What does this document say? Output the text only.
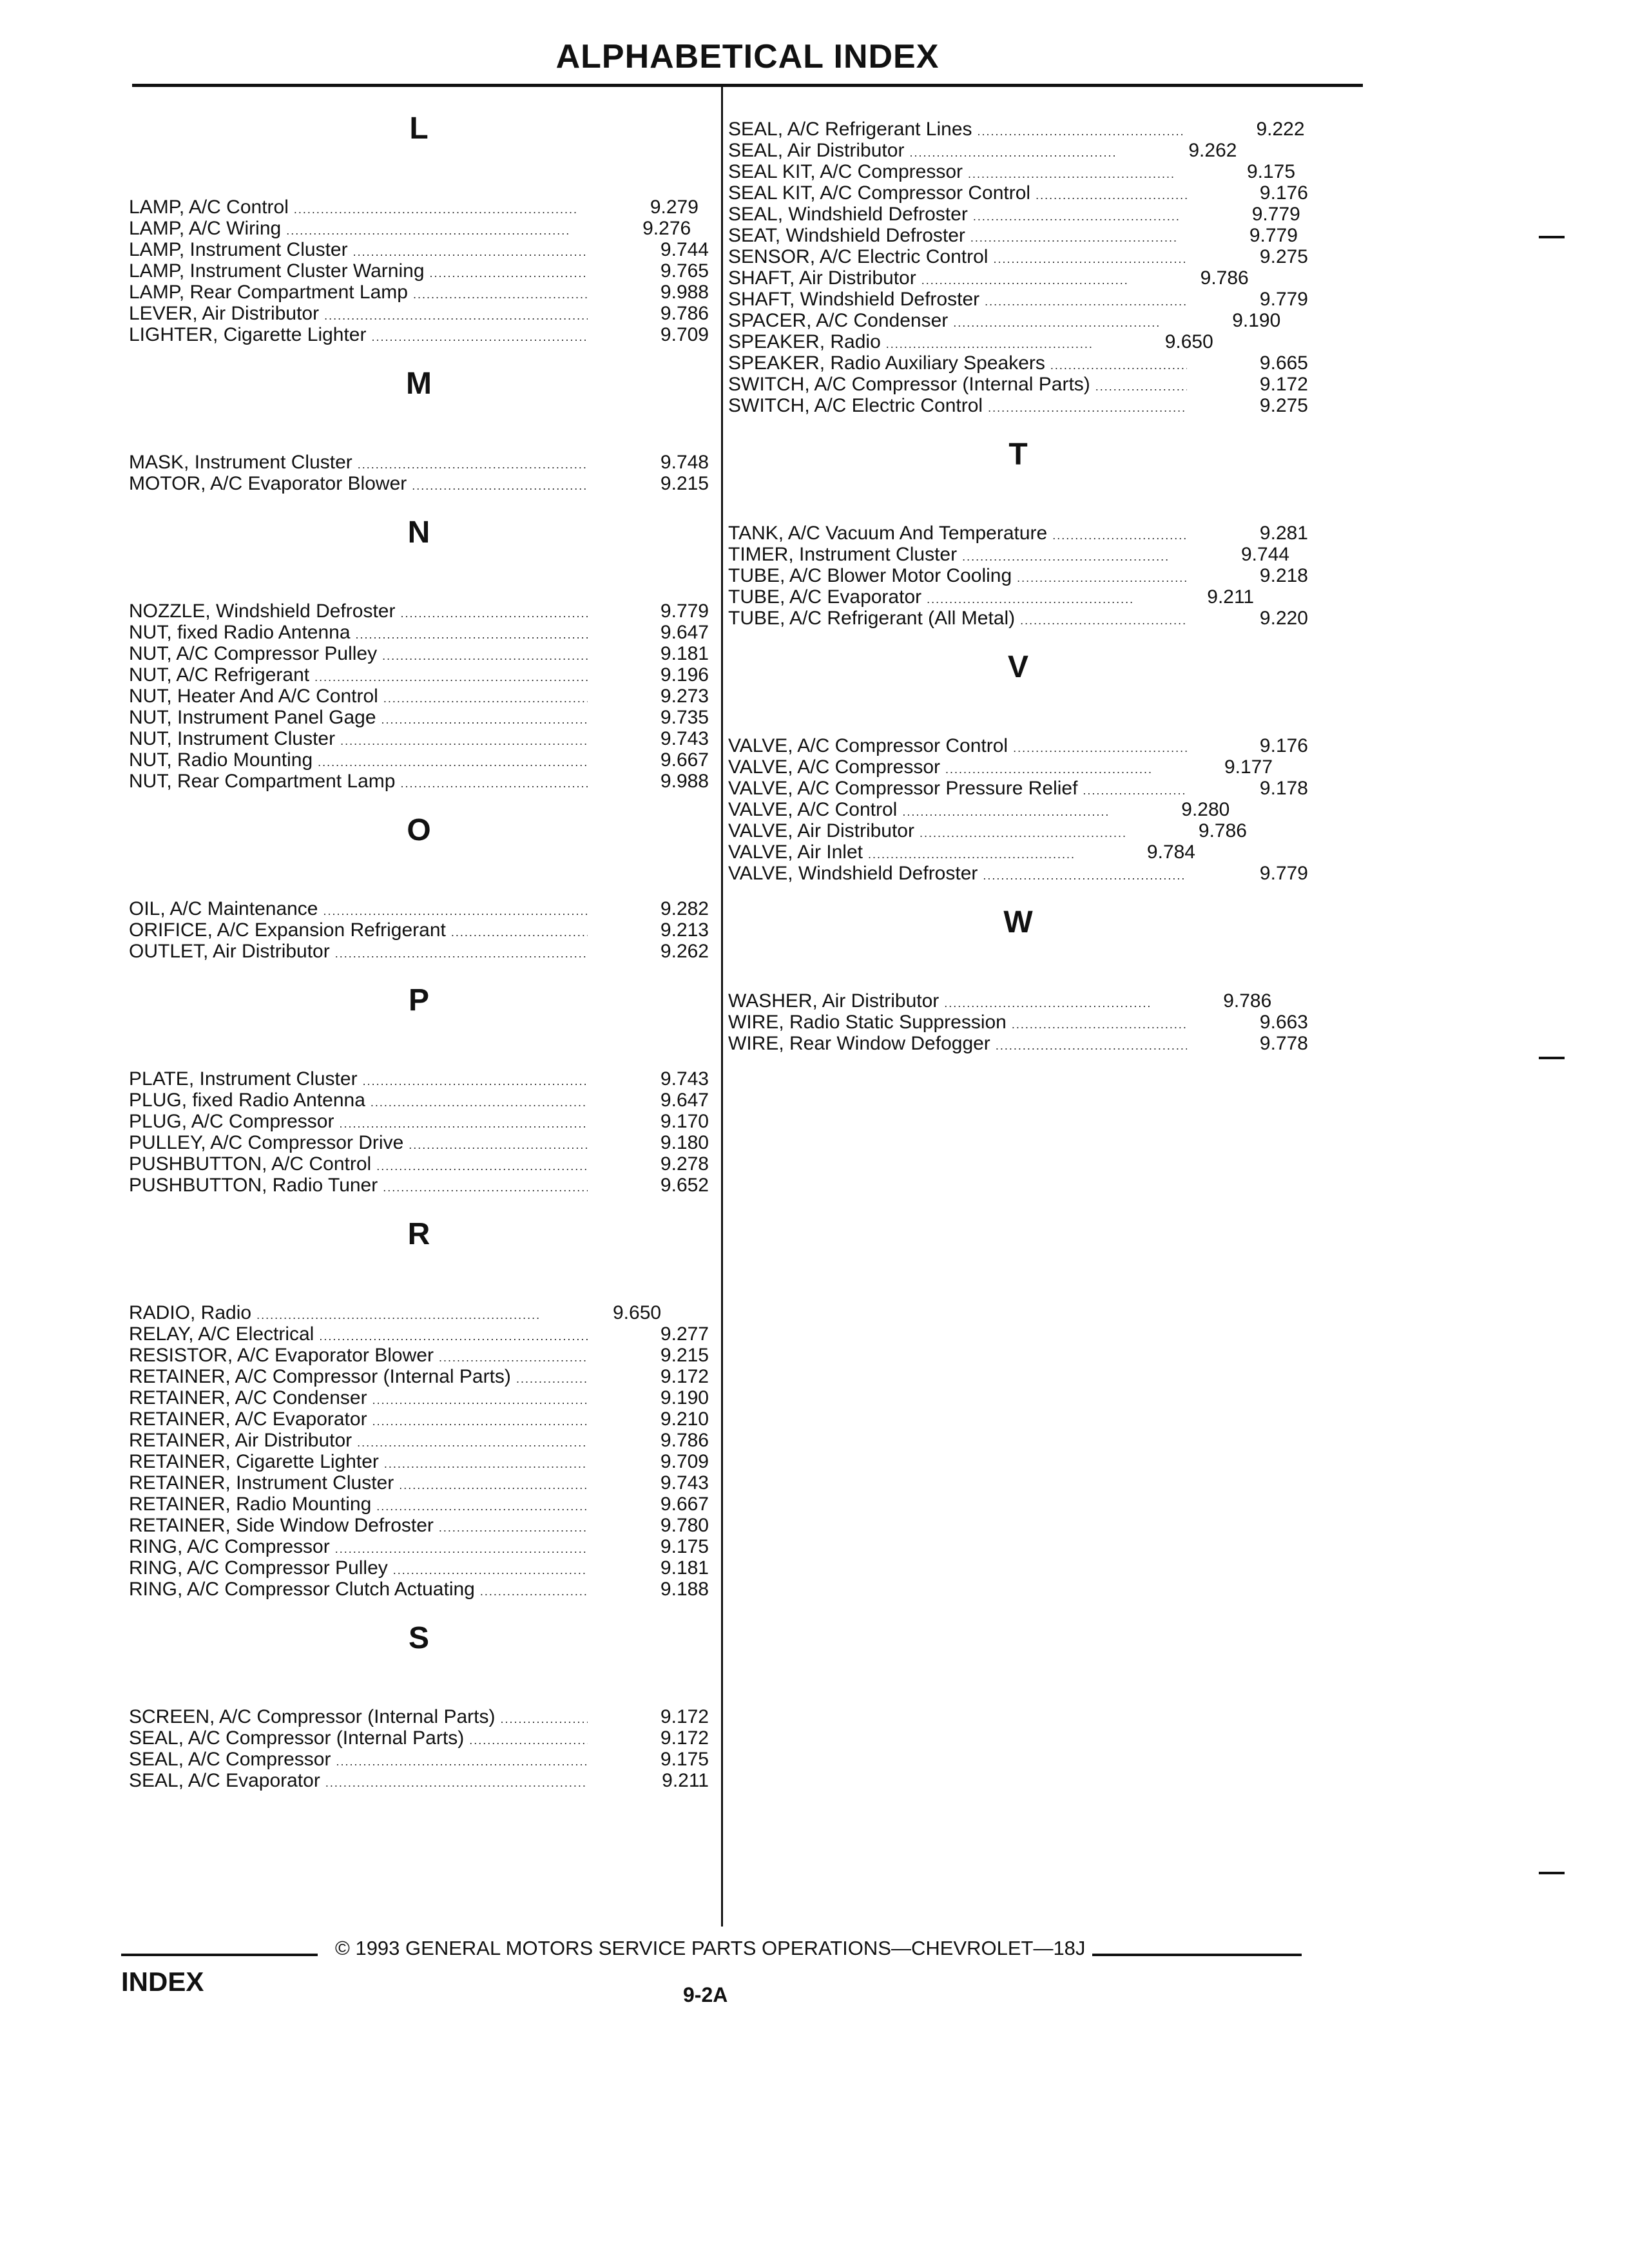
ALPHABETICAL INDEX
L
LAMP, A/C Control .....	9.279
LAMP, A/C Wiring .....	9.276
LAMP, Instrument Cluster .....	9.744
LAMP, Instrument Cluster Warning .....	9.765
LAMP, Rear Compartment Lamp .....	9.988
LEVER, Air Distributor .....	9.786
LIGHTER, Cigarette Lighter .....	9.709
M
MASK, Instrument Cluster .....	9.748
MOTOR, A/C Evaporator Blower .....	9.215
N
NOZZLE, Windshield Defroster .....	9.779
NUT, fixed Radio Antenna .....	9.647
NUT, A/C Compressor Pulley .....	9.181
NUT, A/C Refrigerant .....	9.196
NUT, Heater And A/C Control .....	9.273
NUT, Instrument Panel Gage .....	9.735
NUT, Instrument Cluster .....	9.743
NUT, Radio Mounting .....	9.667
NUT, Rear Compartment Lamp .....	9.988
O
OIL, A/C Maintenance .....	9.282
ORIFICE, A/C Expansion Refrigerant .....	9.213
OUTLET, Air Distributor .....	9.262
P
PLATE, Instrument Cluster .....	9.743
PLUG, fixed Radio Antenna .....	9.647
PLUG, A/C Compressor .....	9.170
PULLEY, A/C Compressor Drive .....	9.180
PUSHBUTTON, A/C Control .....	9.278
PUSHBUTTON, Radio Tuner .....	9.652
R
RADIO, Radio .....	9.650
RELAY, A/C Electrical .....	9.277
RESISTOR, A/C Evaporator Blower .....	9.215
RETAINER, A/C Compressor (Internal Parts) .....	9.172
RETAINER, A/C Condenser .....	9.190
RETAINER, A/C Evaporator .....	9.210
RETAINER, Air Distributor .....	9.786
RETAINER, Cigarette Lighter .....	9.709
RETAINER, Instrument Cluster .....	9.743
RETAINER, Radio Mounting .....	9.667
RETAINER, Side Window Defroster .....	9.780
RING, A/C Compressor .....	9.175
RING, A/C Compressor Pulley .....	9.181
RING, A/C Compressor Clutch Actuating .....	9.188
S
SCREEN, A/C Compressor (Internal Parts) .....	9.172
SEAL, A/C Compressor (Internal Parts) .....	9.172
SEAL, A/C Compressor .....	9.175
SEAL, A/C Evaporator .....	9.211
SEAL, A/C Refrigerant Lines .....	9.222
SEAL, Air Distributor .....	9.262
SEAL KIT, A/C Compressor .....	9.175
SEAL KIT, A/C Compressor Control .....	9.176
SEAL, Windshield Defroster .....	9.779
SEAT, Windshield Defroster .....	9.779
SENSOR, A/C Electric Control .....	9.275
SHAFT, Air Distributor .....	9.786
SHAFT, Windshield Defroster .....	9.779
SPACER, A/C Condenser .....	9.190
SPEAKER, Radio .....	9.650
SPEAKER, Radio Auxiliary Speakers .....	9.665
SWITCH, A/C Compressor (Internal Parts) .....	9.172
SWITCH, A/C Electric Control .....	9.275
T
TANK, A/C Vacuum And Temperature .....	9.281
TIMER, Instrument Cluster .....	9.744
TUBE, A/C Blower Motor Cooling .....	9.218
TUBE, A/C Evaporator .....	9.211
TUBE, A/C Refrigerant (All Metal) .....	9.220
V
VALVE, A/C Compressor Control .....	9.176
VALVE, A/C Compressor .....	9.177
VALVE, A/C Compressor Pressure Relief .....	9.178
VALVE, A/C Control .....	9.280
VALVE, Air Distributor .....	9.786
VALVE, Air Inlet .....	9.784
VALVE, Windshield Defroster .....	9.779
W
WASHER, Air Distributor .....	9.786
WIRE, Radio Static Suppression .....	9.663
WIRE, Rear Window Defogger .....	9.778
© 1993 GENERAL MOTORS SERVICE PARTS OPERATIONS—CHEVROLET—18J
INDEX	9-2A
